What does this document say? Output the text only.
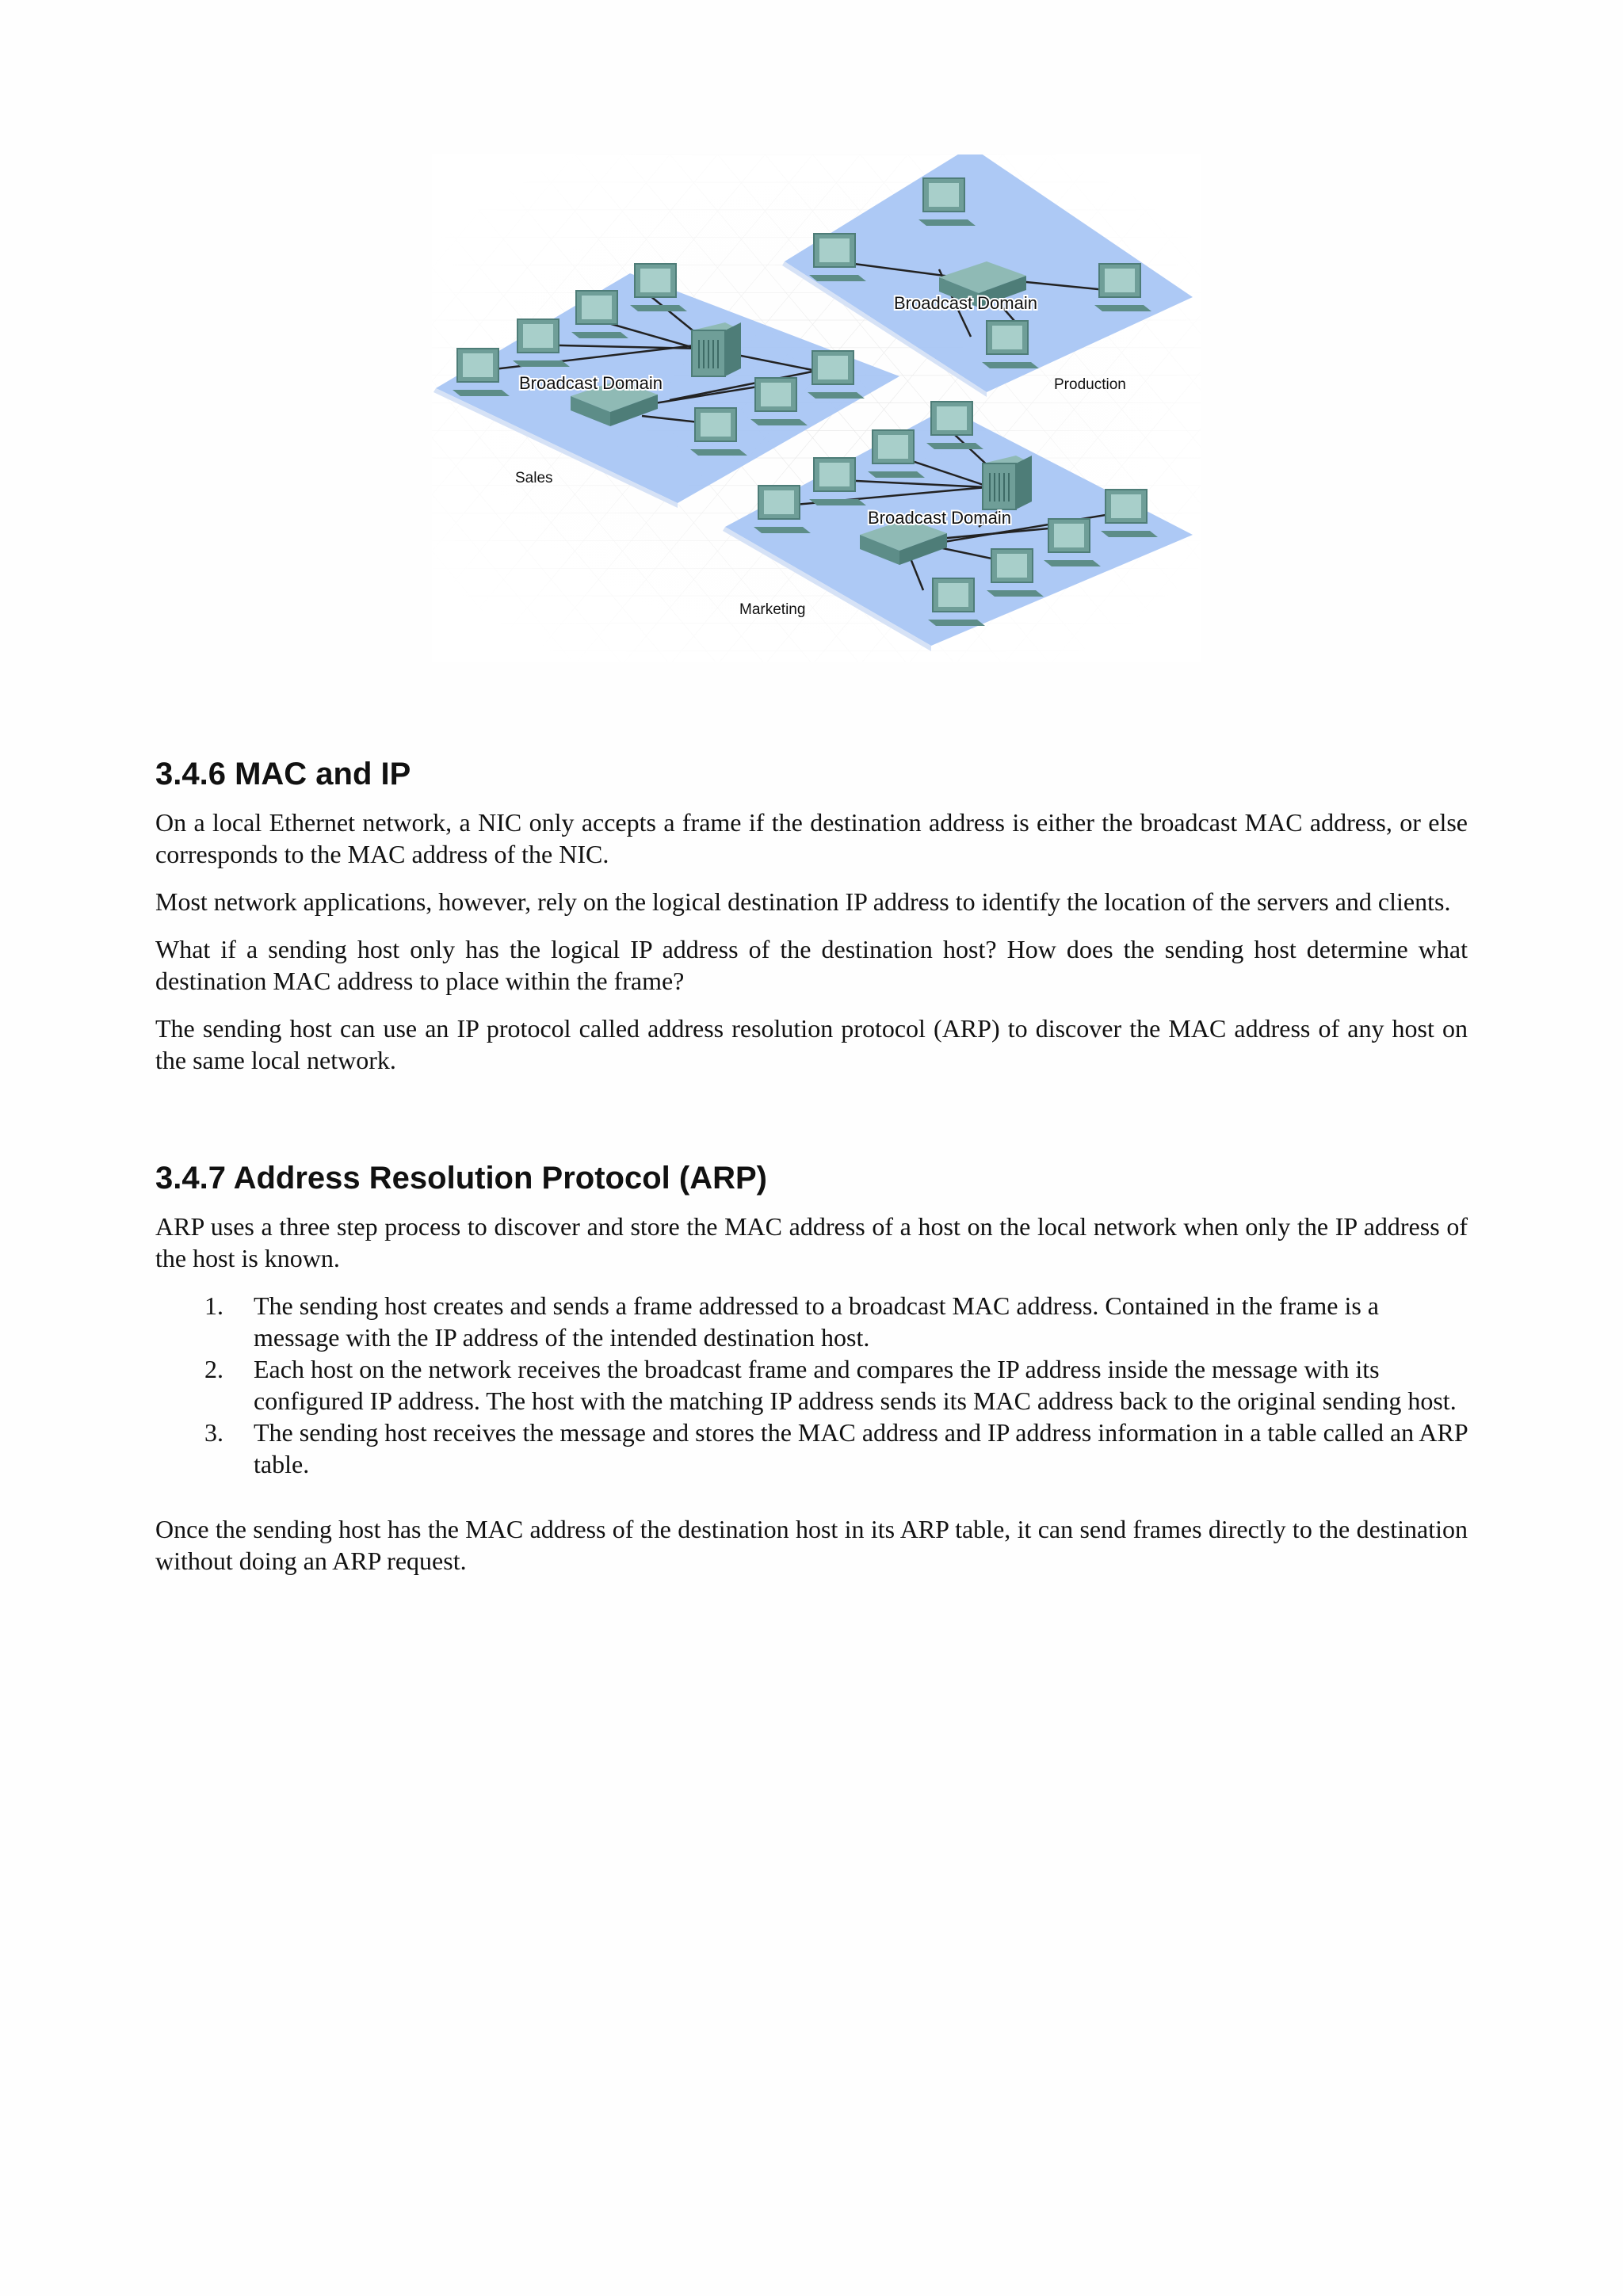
Broadcast Domain
Production
Broadcast Domain
Sales
Broadcast Domain
Marketing
3.4.6 MAC and IP

On a local Ethernet network, a NIC only accepts a frame if the destination address is either the broadcast MAC address, or else corresponds to the MAC address of the NIC.

Most network applications, however, rely on the logical destination IP address to identify the location of the servers and clients.

What if a sending host only has the logical IP address of the destination host? How does the sending host determine what destination MAC address to place within the frame?

The sending host can use an IP protocol called address resolution protocol (ARP) to discover the MAC address of any host on the same local network.

3.4.7 Address Resolution Protocol (ARP)

ARP uses a three step process to discover and store the MAC address of a host on the local network when only the IP address of the host is known.

1. The sending host creates and sends a frame addressed to a broadcast MAC address. Contained in the frame is a message with the IP address of the intended destination host.
2. Each host on the network receives the broadcast frame and compares the IP address inside the message with its configured IP address. The host with the matching IP address sends its MAC address back to the original sending host.
3. The sending host receives the message and stores the MAC address and IP address information in a table called an ARP table.

Once the sending host has the MAC address of the destination host in its ARP table, it can send frames directly to the destination without doing an ARP request.
